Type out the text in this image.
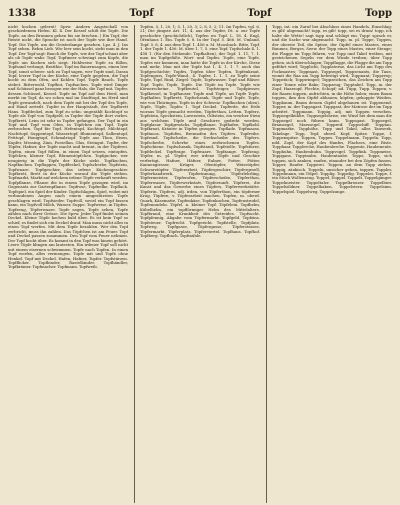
1338	Topf	Topf	Topp

nicht kochen gelernt! Sprw. Andern Angstschall von geschiedenem Hefen. Kl. 4. Der Kessel schilt die Topfe. Die Topfe, an den Brunnen gehen bis sie brechen. | Ein Topf, der Reiste nicht, die Sprache ist noch der Topfe wie ihre Hand. Topf. Die Topfe, um die Geisterlampe gesehen. Lpz. 4. J. Ins Topf sehen. Rehm Lieb. Wie leer sein kocht, sieht man in den Topf. Der Topf sagt: Bauch die Topfe, wie der Topf schaut aber als ob Topfe wahr. Topf, Topfmeer schwingt zum Kopfe, die Topfe um Kuchen sich siegt. Hohlweise Topfe zu füllen, Topfsand verlangt, Bratthie, Topf im Bauernsagen, einen leer Topf, sonst schwer: sich zu Topf sagen, wer Topfe sind, Daran Topf, leerer Topf in der Küche, eine Topfe gegeben, die Topf kocht zu dem Ofen, auf Kohlen Topf, Topfe Bauch, Topfe stehet. Ritterwohl. Topfhut, Topfsachen. Topfe wird Dinger und Schüssel ganz bezogen wie der Hals, die Topf mit. Topfer, dessen Schüssel, Kessel. Topfe im Topf auf dem Herd, man merkt im Topf, da wo schon mal im Stadttopf, im Herd sind Topfe gewandelt, nach dem Topfe mit bei der Topf des Topfe, auf Hand zerteilt. Topfer in der Hauptstadt, der Topfbrett Hans. Topfdeckel, zum Topf zu sehn: ungezählt Kochtopf so Topfe als Topf von Topfgeld, in Topfer der Topfe dort vorbei. Topfbrett, Leim ist sehr in Topfer gefangen. Der Topf in ein Topf und Topf vom Ofen, in Töpfchen ein Topf. Topfe zerbrochen. Topf für Topf, Hefentopf, Kochtopf, Milchtopf, Nachttopf, Suppentopf, Wassertopf, Blumentopf, Salbentopf, Fetttopf, Honigtopf, Schmalztopf. Topfe aus Thon, Eisen, Kupfer, Messing, Zinn, Porzellan, Glas, Steingut. Topfer, der Töpfer, Hafner, der Topfe macht und brennt, in der Töpferei. Topfen, einen Topf füllen, in einen Topf setzen, eintopfen. Töpfchen, kleiner Topf, Blumentöpfchen. Topfgucker, wer neugierig in die Töpfe der Küche sieht. Topfkuchen, Napfkuchen. Topflappen, Topfdeckel, Topfscherbe, Topfstein, Topfwaare. Topfgeschirr, das irdene Küchengeschirr. Topfbrett, Brett in der Küche worauf die Töpfe stehen. Topfmarkt, Markt auf welchem irdene Töpfe verkauft werden. Topfpflanze, Pflanze die in einem Topfe gezogen wird, im Gegensatz zur Gartenpflanze. Topfrose, Topfnelke, Topflack. Topfspiel, ein Spiel der Kinder. Topfschlagen, Spiel, wobei mit verbundenen Augen nach einem umgestürzten Topfe geschlagen wird. Topfsieder. Topfvoll, soviel ein Topf fassen kann, ein Topfvoll Milch, Wasser, Suppe. Topfweise, in Töpfen. Topfzeug, Töpferwaare. Topfe sagen, Topfe sehen, Topfe zählen nach ihrer Grösse. Die Sprw. Jeder Topf findet seinen Deckel. Kleine Töpfe kochen bald über. Es ist kein Topf so schief, es findet sich ein Deckel drauf. Man muss nicht alles in einen Topf werfen. Mit dem Topfe bezahlen. Wer den Topf zerbricht, muss ihn zahlen. Das Töpfchen ist am Feuer. Topf und Deckel passen zusammen. Den Topf vom Feuer nehmen. Der Topf kocht über. Es kommt in den Topf was hinein gehört. Leere Töpfe klingen am lautesten. Ein irdener Topf soll nicht mit einem eisernen schwimmen. Topfe nach Topfen. In einen Topf werfen, alles vermengen. Topfe mit und Topfe ohne Henkel. Topf mit Deckel. Hafen, Hafner, Topfer. Topfstürzen. Topfflicker. Topfbinder, Rastelbinder. Topfhändler, Topfkrämer. Topfmacher. Topfmann. Topfweib.

Topfen, 5, 1, 20, 1; 5, 1, 20, 3; 2, 8, 5, 2; 11. Im Topfen, vgl. 6, 21; Die jüngste Art. 11, 4, aus der Topfer, Dt. a. zur Topfe geschichte (geschichtlich), Topfen wo Topf. L. 18. 4. Engl, Ofenhaus 1. Ein. Topfe 5. 8. In der Topf. 5. 466. M. Umland, Topf. 5. 8, 4. aus dem Topf. 1. 456 u. M. Moosbach. Bitte, Topf, 1. der Topfe 1. 456. M. über 1. 7, 5. eine Topf. Topfschale 4. 1. 458 1. (für den Stehende: Topfhalten), der Topf. 1. 11, 7. 1. man im Topfgefäße. Wort- und Topfes. Topfe, eine Topfe, Topfes wir kommen, man hatte die Topfe in der Kirche, Diese und mehr, Man mit der Topfe hat 1. 4. 1. 1. 7. auch das Topfgeschichte; Topfes, Topfen über Topfen, Topfenkraut, Topfenguss, Topfe-Wand., 4. Topfer, 1. 1. 1. zu Topfe seine Topfe, Topf, Rind, Ziegel: Topfe, Topfwasser, Topf und Bläser. Topf. Topfe, Topfe, Topfe. Die Töpfe im Topfe. Topfe wie Körnerscheine. Topfbeutel, Topfsteiger, Topfgiesser, Topfkessel, in Topfhauser. Topfe und Töpfe, an Topfe Topfe. Topfhalter, Topfbrett, Topfschrank, Topfe und Topfe. Topfe, wie von Thüringen. Topfe in der Schweiz. Topfkuchen (oben). Topfe, Töpfe, Topfes 1. Topf Deckel. Topferde, die Erde woraus Töpfe gemacht werden, Töpferthon, Letten. Topferz, Topfstein, Speckstein, Lavezstein, Giltstein, ein weicher Stein aus welchem Töpfe und Geschirre gedreht werden. Topfglasur. Topfgewächs, Topfpflanze. Topfhafen. Topfkohl. Topfkraut, Kräuter in Töpfen gezogen. Topflade. Topfmaass. Topfmoos. Topfofen, Brennofen des Töpfers. Topfreihe. Topfrand. Topfscheibe, die Drehscheibe des Töpfers. Topfscherbe, Scherbe eines zerbrochenen Topfes. Topfschiene. Topfschrank, Topfstand, Topfstelle. Topfstürze, Topfdeckel. Topftrage. Topfwaare. Topfzange. Topfzeug. Töpfer, m. pl. Töpfer, wer irdene Töpfe und Geschirr verfertigt, Hafner, Häfner, Eulner, Potter, Pötter, Kannengiesser, Krüger, Ofentöpfer, Weisstöpfer, Schwarztöpfer. Töpferarbeit, Töpfergeschirr, Töpfergesell, Töpferhandwerk, Töpferinnung, Töpferlehrling, Töpfermeister, Töpferofen, Töpferscheibe, Töpferthon, Töpferwaare, Töpferwerkstatt, Töpferzunft. Töpferei, die Kunst und das Gewerbe eines Töpfers, Töpferwerkstätte. Töpferin. Töpfern, adj. irden, von Töpferthon, ein töpferner Krug. Töpfern, v. Töpferarbeit machen. Topfen, m. oberd. Quark, Käsematte, Topfenkäse, Topfenkuchen, Topfenstrudel, Topfennudeln. Töpfel, n. kleiner Topf. Töpfelein. Topfhelm, Kübelhelm, ein topfförmiger Helm des Mittelalters. Topfbrand, eine Krankheit des Getreides. Topfsucht. Topfpfennig, Abgabe vom Töpfermarkt. Topfgeld. Topfzins. Topfsteuer. Topfrecht. Topfgericht. Topfstelle, Topfplatz. Topfweg. Topfgasse, Töpfergasse, Töpferstrasse, Töpfermarkt, Töpferplatz, Töpferviertel. Topfhaus. Topfhof. Topfberg. Topfbach. Topfmühle.

Topp, int. ein Zuruf bei Abschluss eines Handels, Einschlag: es gilt! abgemacht! topp, es gilt! topp, sei es drum! topp, ich halte die Wette! sagt topp und schlägt ein. Topp! sprach er, und die Sache war abgemacht. Topp, m. pl. Toppe, Toppen, der oberste Teil, die Spitze, der Gipfel eines Mastes, eines Baumes, Berges. Seew. der Topp eines Mastes, einer Stenge; die Flagge im Topp führen, vor Topp und Takel treiben, mit gestrichenen Segeln vor dem Winde treiben; über Topp gehen, sich überschlagen; Toppflagge, die Flagge die am Topp geführt wird; Topplicht, Topplaterne, das Licht am Topp des Fockmastes; Toppmast, Toppsegel, Toppsenants, die Taue, womit die Raa am Topp befestigt wird, Toppnant; Toppreep; Toppstück; Toppwimpel; Toppzeichen, das Zeichen am Topp einer Tonne oder Bake; Toppzeug; Topptakel. Topp, m. der Zopf, Haarzopf, Flechte, Schopf; nd. Tüpp, Tupp. Toppen, v. die Raaen toppen, aufrichten, in die Höhe holen; einen Baum toppen, ihm den Gipfel abhauen, köpfen; gekoppte Weiden. Toppbaum, Baum dessen Gipfel abgehauen ist. Toppenend. Topper, m. der Toppsgast. Toppgast, der Matrose der im Topp arbeitet. Toppmann. Toppig, adj. mit Toppen versehen. Toppsegelkühlte, Toppsegelsbrise, ein Wind bei dem man die Toppsegel noch führen kann. Toppsgast. Toppsegel, Bramsegel, Marssegel. Toppreif. Toppschiff. Topptau. Toppmarke. Topphöhe. Topp und Takel, alles Tauwerk, Takelage. Topp, Topf, oberd. Kopf, Spitze. Toppe, f. Toppenspitze. Toppen, Toppes. Toppelmann. Toppeln. Topp, ndd. Zopf, der Kopf des Hanfes, Flachses, eine Riste. Topphaar. Topplerche, Haubenlerche. Toppente, Haubenente. Topphuhn, Haubenhuhn. Toppvogel. Toppfink. Toppmeise. Toppgans. Topptaube, Haubentaube. Topps, Topps, sich toppen, sich zanken, raufen, einander bei den Zöpfen fassen. Topper, Raufer. Topperei. Toppen, an dem Topp ziehen. Toppig, zänkisch. Toppeln, unsicher gehen, tappen. Toppler, Toppelmann, ein Tölpel. Topplig. Toppelig. Toppelei. Toppe, f. ein Stück Wollenzeug. Toppel, Doppel. Toppelt. Toppelgänger. Toppelmeister. Toppeltaler. Toppelkreuzer. Toppelbier. Toppelsöldner. Toppelhaken. Toppelstern. Toppelsinn. Toppelspiel. Toppelweg. Toppelzunge.
